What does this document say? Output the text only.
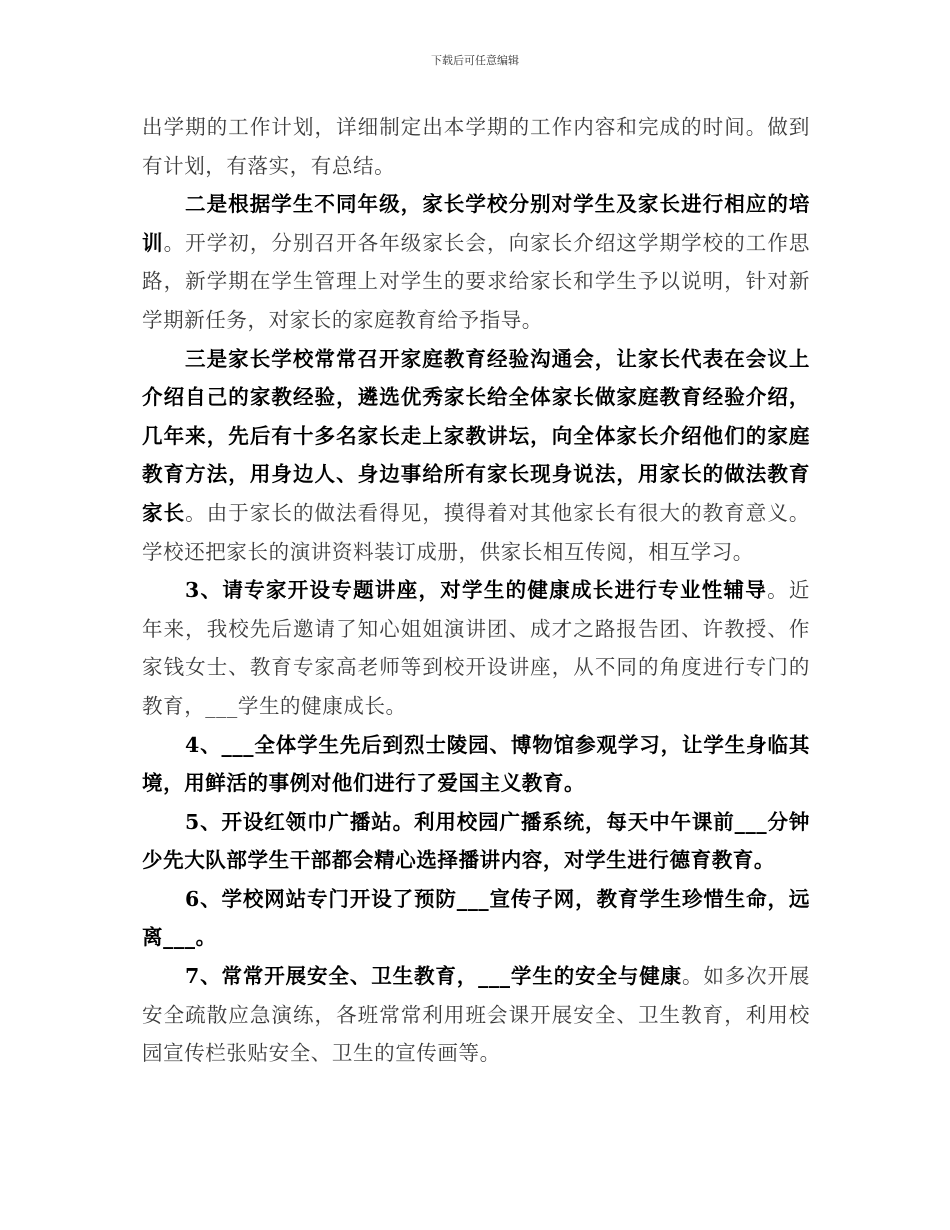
下载后可任意编辑

出学期的工作计划，详细制定出本学期的工作内容和完成的时间。做到有计划，有落实，有总结。

二是根据学生不同年级，家长学校分别对学生及家长进行相应的培训。开学初，分别召开各年级家长会，向家长介绍这学期学校的工作思路，新学期在学生管理上对学生的要求给家长和学生予以说明，针对新学期新任务，对家长的家庭教育给予指导。

三是家长学校常常召开家庭教育经验沟通会，让家长代表在会议上介绍自己的家教经验，遴选优秀家长给全体家长做家庭教育经验介绍，几年来，先后有十多名家长走上家教讲坛，向全体家长介绍他们的家庭教育方法，用身边人、身边事给所有家长现身说法，用家长的做法教育家长。由于家长的做法看得见，摸得着对其他家长有很大的教育意义。学校还把家长的演讲资料装订成册，供家长相互传阅，相互学习。

3、请专家开设专题讲座，对学生的健康成长进行专业性辅导。近年来，我校先后邀请了知心姐姐演讲团、成才之路报告团、许教授、作家钱女士、教育专家高老师等到校开设讲座，从不同的角度进行专门的教育，___学生的健康成长。

4、___全体学生先后到烈士陵园、博物馆参观学习，让学生身临其境，用鲜活的事例对他们进行了爱国主义教育。

5、开设红领巾广播站。利用校园广播系统，每天中午课前___分钟少先大队部学生干部都会精心选择播讲内容，对学生进行德育教育。

6、学校网站专门开设了预防___宣传子网，教育学生珍惜生命，远离___。

7、常常开展安全、卫生教育，___学生的安全与健康。如多次开展安全疏散应急演练，各班常常利用班会课开展安全、卫生教育，利用校园宣传栏张贴安全、卫生的宣传画等。
